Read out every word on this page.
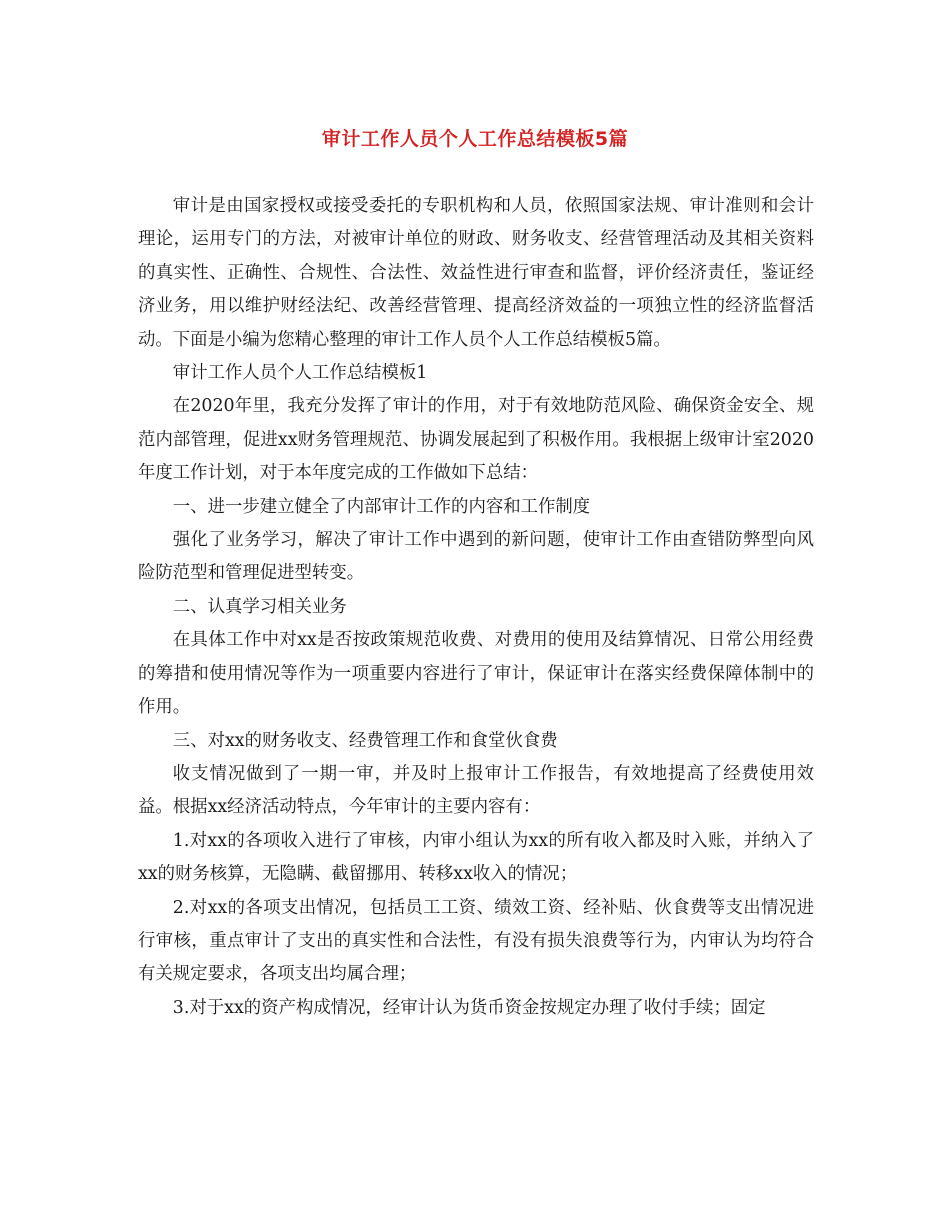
审计工作人员个人工作总结模板5篇

审计是由国家授权或接受委托的专职机构和人员，依照国家法规、审计准则和会计理论，运用专门的方法，对被审计单位的财政、财务收支、经营管理活动及其相关资料的真实性、正确性、合规性、合法性、效益性进行审查和监督，评价经济责任，鉴证经济业务，用以维护财经法纪、改善经营管理、提高经济效益的一项独立性的经济监督活动。下面是小编为您精心整理的审计工作人员个人工作总结模板5篇。

审计工作人员个人工作总结模板1

在2020年里，我充分发挥了审计的作用，对于有效地防范风险、确保资金安全、规范内部管理，促进xx财务管理规范、协调发展起到了积极作用。我根据上级审计室2020年度工作计划，对于本年度完成的工作做如下总结：

一、进一步建立健全了内部审计工作的内容和工作制度

强化了业务学习，解决了审计工作中遇到的新问题，使审计工作由查错防弊型向风险防范型和管理促进型转变。

二、认真学习相关业务

在具体工作中对xx是否按政策规范收费、对费用的使用及结算情况、日常公用经费的筹措和使用情况等作为一项重要内容进行了审计，保证审计在落实经费保障体制中的作用。

三、对xx的财务收支、经费管理工作和食堂伙食费

收支情况做到了一期一审，并及时上报审计工作报告，有效地提高了经费使用效益。根据xx经济活动特点，今年审计的主要内容有：

1.对xx的各项收入进行了审核，内审小组认为xx的所有收入都及时入账，并纳入了xx的财务核算，无隐瞒、截留挪用、转移xx收入的情况；

2.对xx的各项支出情况，包括员工工资、绩效工资、经补贴、伙食费等支出情况进行审核，重点审计了支出的真实性和合法性，有没有损失浪费等行为，内审认为均符合有关规定要求，各项支出均属合理；

3.对于xx的资产构成情况，经审计认为货币资金按规定办理了收付手续；固定
